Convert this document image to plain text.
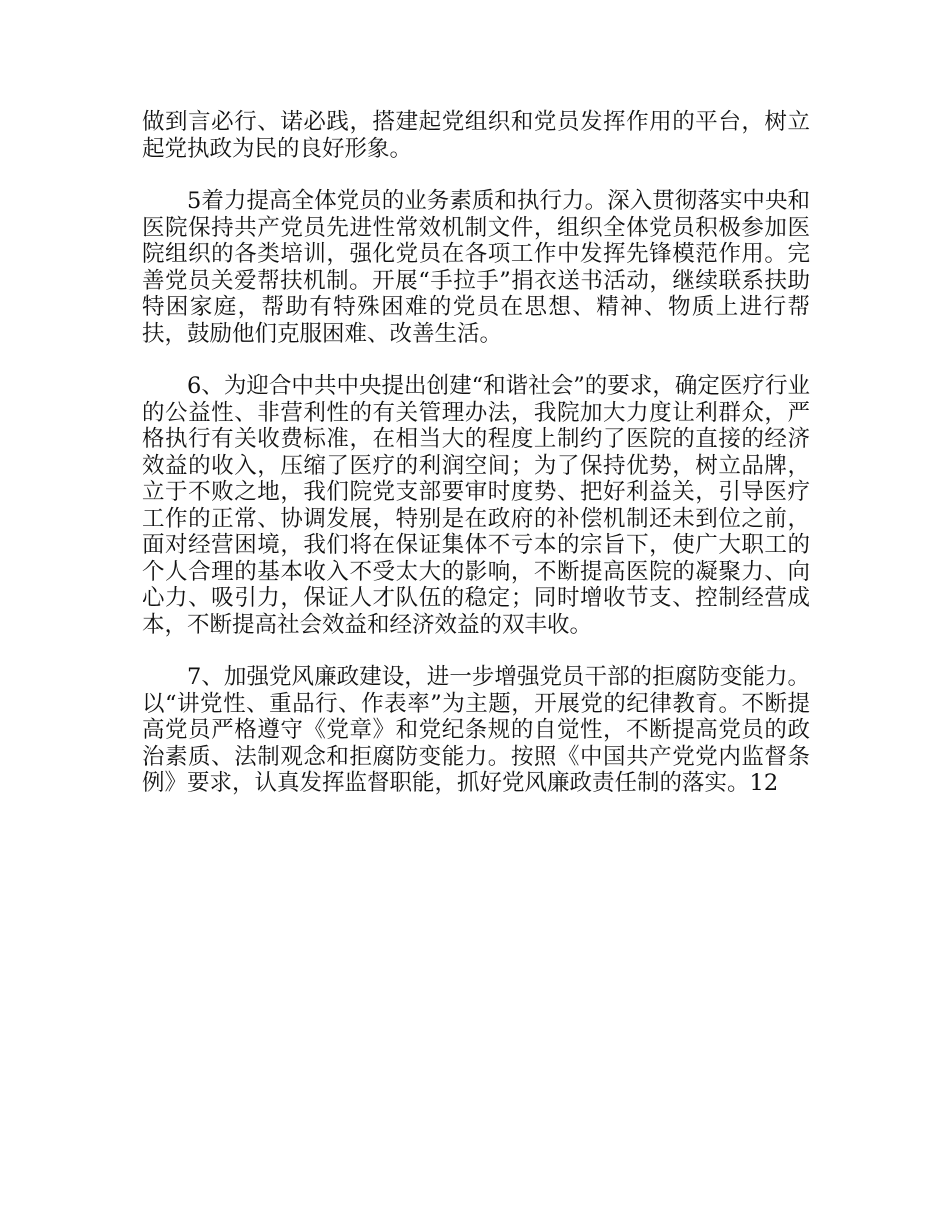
做到言必行、诺必践，搭建起党组织和党员发挥作用的平台，树立起党执政为民的良好形象。

5着力提高全体党员的业务素质和执行力。深入贯彻落实中央和医院保持共产党员先进性常效机制文件，组织全体党员积极参加医院组织的各类培训，强化党员在各项工作中发挥先锋模范作用。完善党员关爱帮扶机制。开展“手拉手”捐衣送书活动，继续联系扶助特困家庭，帮助有特殊困难的党员在思想、精神、物质上进行帮扶，鼓励他们克服困难、改善生活。

6、为迎合中共中央提出创建“和谐社会”的要求，确定医疗行业的公益性、非营利性的有关管理办法，我院加大力度让利群众，严格执行有关收费标准，在相当大的程度上制约了医院的直接的经济效益的收入，压缩了医疗的利润空间；为了保持优势，树立品牌，立于不败之地，我们院党支部要审时度势、把好利益关，引导医疗工作的正常、协调发展，特别是在政府的补偿机制还未到位之前，面对经营困境，我们将在保证集体不亏本的宗旨下，使广大职工的个人合理的基本收入不受太大的影响，不断提高医院的凝聚力、向心力、吸引力，保证人才队伍的稳定；同时增收节支、控制经营成本，不断提高社会效益和经济效益的双丰收。

7、加强党风廉政建设，进一步增强党员干部的拒腐防变能力。以“讲党性、重品行、作表率”为主题，开展党的纪律教育。不断提高党员严格遵守《党章》和党纪条规的自觉性，不断提高党员的政治素质、法制观念和拒腐防变能力。按照《中国共产党党内监督条例》要求，认真发挥监督职能，抓好党风廉政责任制的落实。12
